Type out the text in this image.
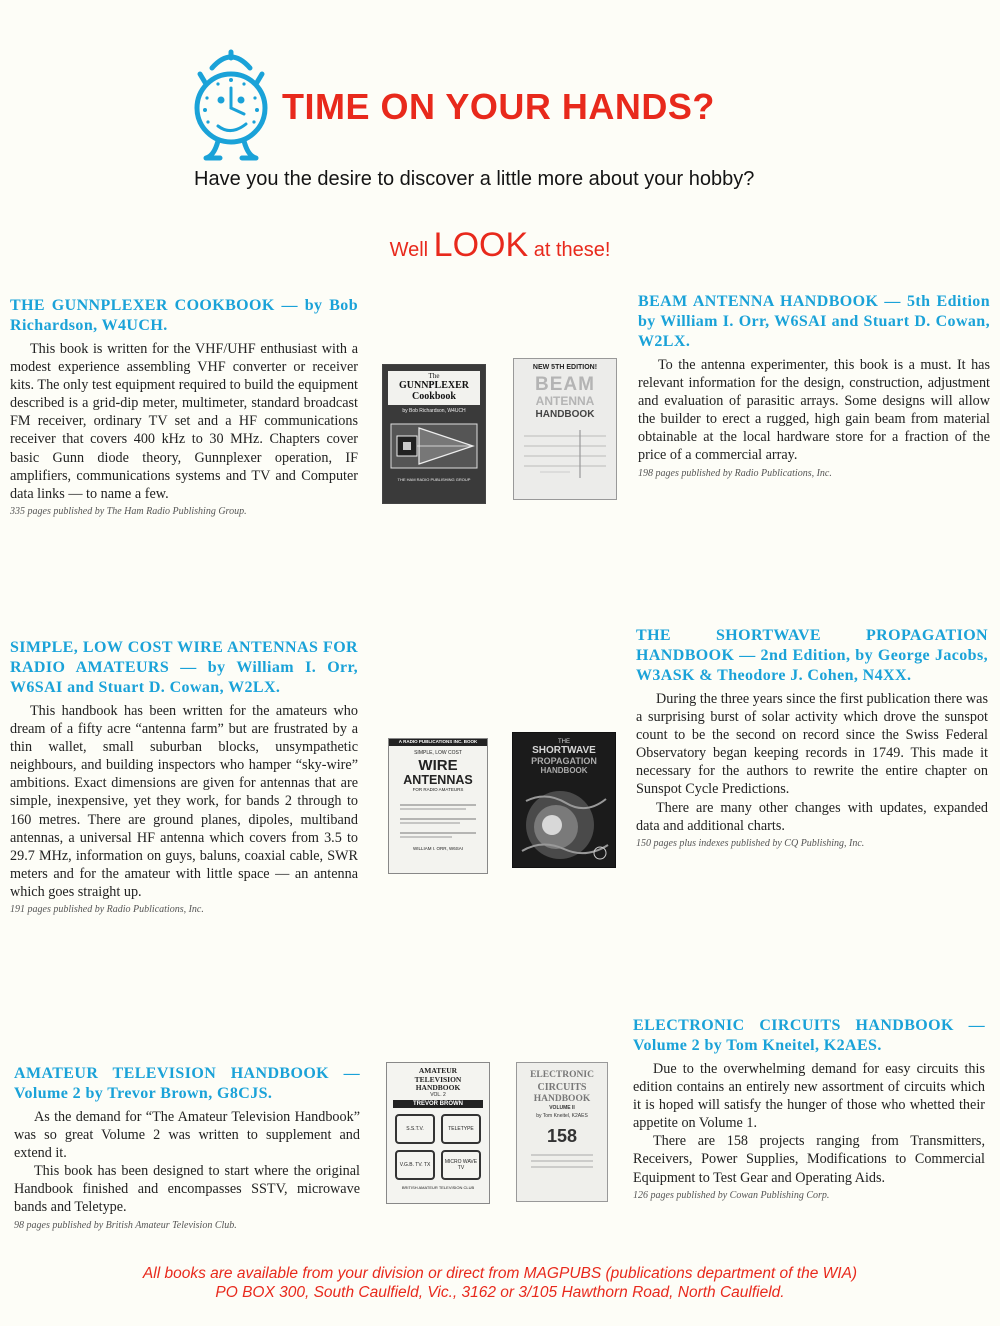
TIME ON YOUR HANDS?

Have you the desire to discover a little more about your hobby?

Well LOOK at these!

THE GUNNPLEXER COOKBOOK — by Bob Richardson, W4UCH.

This book is written for the VHF/UHF enthusiast with a modest experience assembling VHF converter or receiver kits. The only test equipment required to build the equipment described is a grid-dip meter, multimeter, standard broadcast FM receiver, ordinary TV set and a HF communications receiver that covers 400 kHz to 30 MHz. Chapters cover basic Gunn diode theory, Gunnplexer operation, IF amplifiers, communications systems and TV and Computer data links — to name a few.

335 pages published by The Ham Radio Publishing Group.

BEAM ANTENNA HANDBOOK — 5th Edition by William I. Orr, W6SAI and Stuart D. Cowan, W2LX.

To the antenna experimenter, this book is a must. It has relevant information for the design, construction, adjustment and evaluation of parasitic arrays. Some designs will allow the builder to erect a rugged, high gain beam from material obtainable at the local hardware store for a fraction of the price of a commercial array.

198 pages published by Radio Publications, Inc.

SIMPLE, LOW COST WIRE ANTENNAS FOR RADIO AMATEURS — by William I. Orr, W6SAI and Stuart D. Cowan, W2LX.

This handbook has been written for the amateurs who dream of a fifty acre “antenna farm” but are frustrated by a thin wallet, small suburban blocks, unsympathetic neighbours, and building inspectors who hamper “sky-wire” ambitions. Exact dimensions are given for antennas that are simple, inexpensive, yet they work, for bands 2 through to 160 metres. There are ground planes, dipoles, multiband antennas, a universal HF antenna which covers from 3.5 to 29.7 MHz, information on guys, baluns, coaxial cable, SWR meters and for the amateur with little space — an antenna which goes straight up.

191 pages published by Radio Publications, Inc.

THE SHORTWAVE PROPAGATION HANDBOOK — 2nd Edition, by George Jacobs, W3ASK & Theodore J. Cohen, N4XX.

During the three years since the first publication there was a surprising burst of solar activity which drove the sunspot count to be the second on record since the Swiss Federal Observatory began keeping records in 1749. This made it necessary for the authors to rewrite the entire chapter on Sunspot Cycle Predictions.

There are many other changes with updates, expanded data and additional charts.

150 pages plus indexes published by CQ Publishing, Inc.

AMATEUR TELEVISION HANDBOOK — Volume 2 by Trevor Brown, G8CJS.

As the demand for “The Amateur Television Handbook” was so great Volume 2 was written to supplement and extend it.

This book has been designed to start where the original Handbook finished and encompasses SSTV, microwave bands and Teletype.

98 pages published by British Amateur Television Club.

ELECTRONIC CIRCUITS HANDBOOK — Volume 2 by Tom Kneitel, K2AES.

Due to the overwhelming demand for easy circuits this edition contains an entirely new assortment of circuits which it is hoped will satisfy the hunger of those who whetted their appetite on Volume 1.

There are 158 projects ranging from Transmitters, Receivers, Power Supplies, Modifications to Commercial Equipment to Test Gear and Operating Aids.

126 pages published by Cowan Publishing Corp.

The
GUNNPLEXER
Cookbook
by Bob Richardson, W4UCH
THE HAM RADIO PUBLISHING GROUP
NEW 5TH EDITION!
BEAM
ANTENNA
HANDBOOK
A RADIO PUBLICATIONS INC. BOOK
SIMPLE, LOW COST
WIRE
ANTENNAS
FOR RADIO AMATEURS
WILLIAM I. ORR, W6SAI
THE
SHORTWAVE
PROPAGATION
HANDBOOK
AMATEUR
TELEVISION
HANDBOOK
VOL. 2
TREVOR BROWN
S.S.T.V.	TELETYPE
V.G.B. TV. TX	MICRO WAVE TV
BRITISH AMATEUR TELEVISION CLUB
ELECTRONIC
CIRCUITS
HANDBOOK
VOLUME II
by Tom Kneitel, K2AES
158
All books are available from your division or direct from MAGPUBS (publications department of the WIA)
PO BOX 300, South Caulfield, Vic., 3162 or 3/105 Hawthorn Road, North Caulfield.
